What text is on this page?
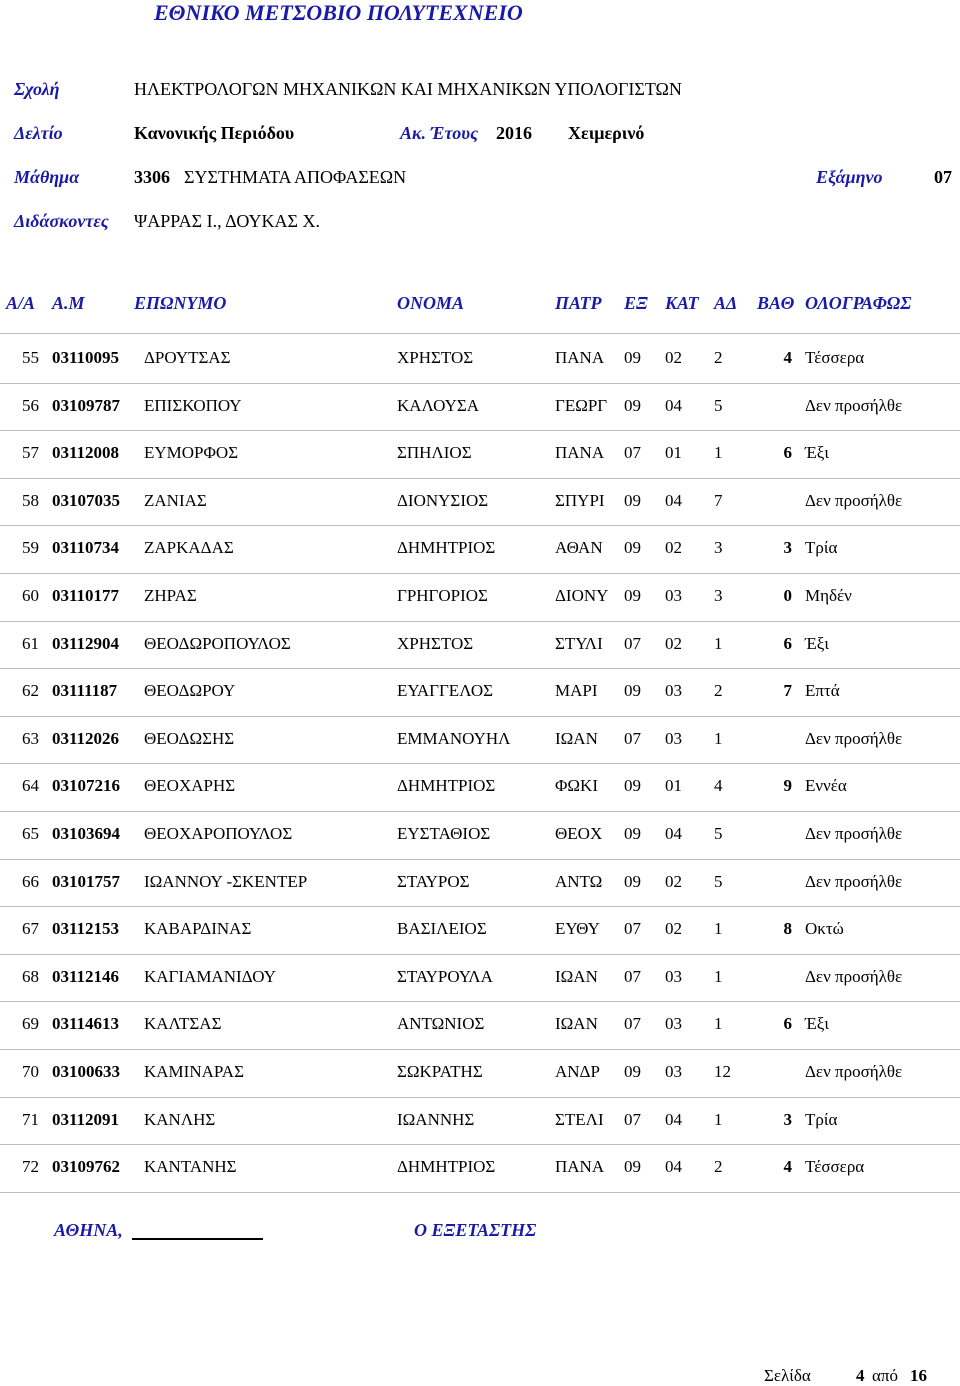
ΕΘΝΙΚΟ ΜΕΤΣΟΒΙΟ ΠΟΛΥΤΕΧΝΕΙΟ
Σχολή	ΗΛΕΚΤΡΟΛΟΓΩΝ ΜΗΧΑΝΙΚΩΝ ΚΑΙ ΜΗΧΑΝΙΚΩΝ ΥΠΟΛΟΓΙΣΤΩΝ
Δελτίο	Κανονικής Περιόδου	Ακ. Έτους 2016 Χειμερινό
Μάθημα	3306 ΣΥΣΤΗΜΑΤΑ ΑΠΟΦΑΣΕΩΝ	Εξάμηνο	07
Διδάσκοντες ΨΑΡΡΑΣ Ι., ΔΟΥΚΑΣ Χ.
Α/Α Α.Μ	ΕΠΩΝΥΜΟ	ΟΝΟΜΑ	ΠΑΤΡ ΕΞ ΚΑΤ ΑΔ ΒΑΘ ΟΛΟΓΡΑΦΩΣ
55 03110095 ΔΡΟΥΤΣΑΣ	ΧΡΗΣΤΟΣ	ΠΑΝΑ 09 02 2	4 Τέσσερα
56 03109787 ΕΠΙΣΚΟΠΟΥ	ΚΑΛΟΥΣΑ	ΓΕΩΡΓ 09 04 5	Δεν προσήλθε
57 03112008 ΕΥΜΟΡΦΟΣ	ΣΠΗΛΙΟΣ	ΠΑΝΑ 07 01 1	6 Έξι
58 03107035 ΖΑΝΙΑΣ	ΔΙΟΝΥΣΙΟΣ	ΣΠΥΡΙ 09 04 7	Δεν προσήλθε
59 03110734 ΖΑΡΚΑΔΑΣ	ΔΗΜΗΤΡΙΟΣ	ΑΘΑΝ 09 02 3	3 Τρία
60 03110177 ΖΗΡΑΣ	ΓΡΗΓΟΡΙΟΣ	ΔΙΟΝΥ 09 03 3	0 Μηδέν
61 03112904 ΘΕΟΔΩΡΟΠΟΥΛΟΣ	ΧΡΗΣΤΟΣ	ΣΤΥΛΙ 07 02 1	6 Έξι
62 03111187 ΘΕΟΔΩΡΟΥ	ΕΥΑΓΓΕΛΟΣ	ΜΑΡΙ 09 03 2	7 Επτά
63 03112026 ΘΕΟΔΩΣΗΣ	ΕΜΜΑΝΟΥΗΛ	ΙΩΑΝ 07 03 1	Δεν προσήλθε
64 03107216 ΘΕΟΧΑΡΗΣ	ΔΗΜΗΤΡΙΟΣ	ΦΩΚΙ 09 01 4	9 Εννέα
65 03103694 ΘΕΟΧΑΡΟΠΟΥΛΟΣ	ΕΥΣΤΑΘΙΟΣ	ΘΕΟΧ 09 04 5	Δεν προσήλθε
66 03101757 ΙΩΑΝΝΟΥ -ΣΚΕΝΤΕΡ	ΣΤΑΥΡΟΣ	ΑΝΤΩ 09 02 5	Δεν προσήλθε
67 03112153 ΚΑΒΑΡΔΙΝΑΣ	ΒΑΣΙΛΕΙΟΣ	ΕΥΘΥ 07 02 1	8 Οκτώ
68 03112146 ΚΑΓΙΑΜΑΝΙΔΟΥ	ΣΤΑΥΡΟΥΛΑ	ΙΩΑΝ 07 03 1	Δεν προσήλθε
69 03114613 ΚΑΛΤΣΑΣ	ΑΝΤΩΝΙΟΣ	ΙΩΑΝ 07 03 1	6 Έξι
70 03100633 ΚΑΜΙΝΑΡΑΣ	ΣΩΚΡΑΤΗΣ	ΑΝΔΡ 09 03 12	Δεν προσήλθε
71 03112091 ΚΑΝΛΗΣ	ΙΩΑΝΝΗΣ	ΣΤΕΛΙ 07 04 1	3 Τρία
72 03109762 ΚΑΝΤΑΝΗΣ	ΔΗΜΗΤΡΙΟΣ	ΠΑΝΑ 09 04 2	4 Τέσσερα
ΑΘΗΝΑ,	Ο ΕΞΕΤΑΣΤΗΣ
Σελίδα	4 από 16
